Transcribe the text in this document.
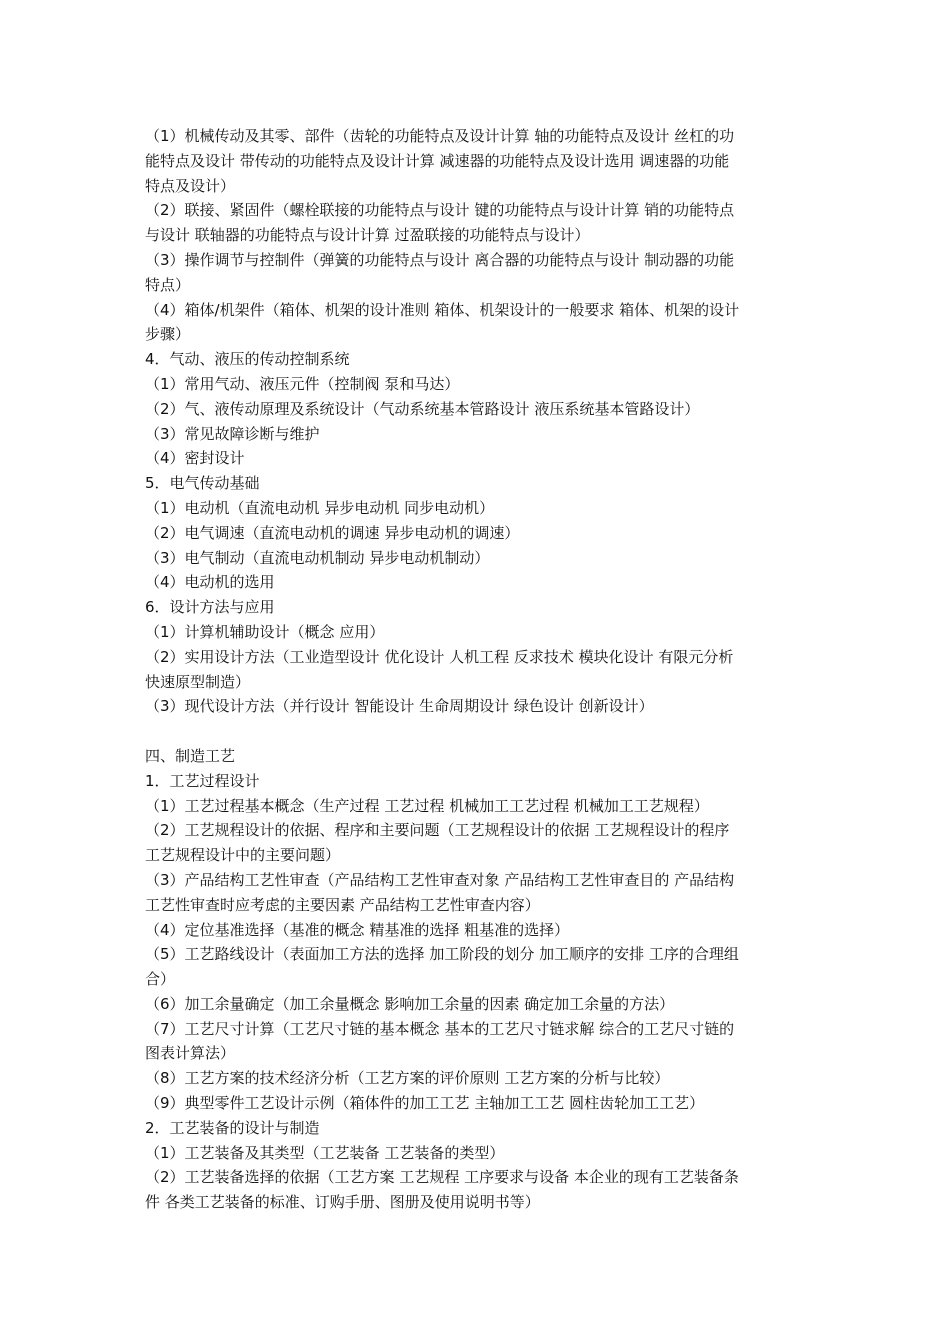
（1）机械传动及其零、部件（齿轮的功能特点及设计计算 轴的功能特点及设计 丝杠的功
能特点及设计 带传动的功能特点及设计计算 减速器的功能特点及设计选用 调速器的功能
特点及设计）
（2）联接、紧固件（螺栓联接的功能特点与设计 键的功能特点与设计计算 销的功能特点
与设计 联轴器的功能特点与设计计算 过盈联接的功能特点与设计）
（3）操作调节与控制件（弹簧的功能特点与设计 离合器的功能特点与设计 制动器的功能
特点）
（4）箱体/机架件（箱体、机架的设计准则 箱体、机架设计的一般要求 箱体、机架的设计
步骤）
4．气动、液压的传动控制系统
（1）常用气动、液压元件（控制阀 泵和马达）
（2）气、液传动原理及系统设计（气动系统基本管路设计 液压系统基本管路设计）
（3）常见故障诊断与维护
（4）密封设计
5．电气传动基础
（1）电动机（直流电动机 异步电动机 同步电动机）
（2）电气调速（直流电动机的调速 异步电动机的调速）
（3）电气制动（直流电动机制动 异步电动机制动）
（4）电动机的选用
6．设计方法与应用
（1）计算机辅助设计（概念 应用）
（2）实用设计方法（工业造型设计 优化设计 人机工程 反求技术 模块化设计 有限元分析
快速原型制造）
（3）现代设计方法（并行设计 智能设计 生命周期设计 绿色设计 创新设计）
四、制造工艺
1．工艺过程设计
（1）工艺过程基本概念（生产过程 工艺过程 机械加工工艺过程 机械加工工艺规程）
（2）工艺规程设计的依据、程序和主要问题（工艺规程设计的依据 工艺规程设计的程序
工艺规程设计中的主要问题）
（3）产品结构工艺性审查（产品结构工艺性审查对象 产品结构工艺性审查目的 产品结构
工艺性审查时应考虑的主要因素 产品结构工艺性审查内容）
（4）定位基准选择（基准的概念 精基准的选择 粗基准的选择）
（5）工艺路线设计（表面加工方法的选择 加工阶段的划分 加工顺序的安排 工序的合理组
合）
（6）加工余量确定（加工余量概念 影响加工余量的因素 确定加工余量的方法）
（7）工艺尺寸计算（工艺尺寸链的基本概念 基本的工艺尺寸链求解 综合的工艺尺寸链的
图表计算法）
（8）工艺方案的技术经济分析（工艺方案的评价原则 工艺方案的分析与比较）
（9）典型零件工艺设计示例（箱体件的加工工艺 主轴加工工艺 圆柱齿轮加工工艺）
2．工艺装备的设计与制造
（1）工艺装备及其类型（工艺装备 工艺装备的类型）
（2）工艺装备选择的依据（工艺方案 工艺规程 工序要求与设备 本企业的现有工艺装备条
件 各类工艺装备的标准、订购手册、图册及使用说明书等）
